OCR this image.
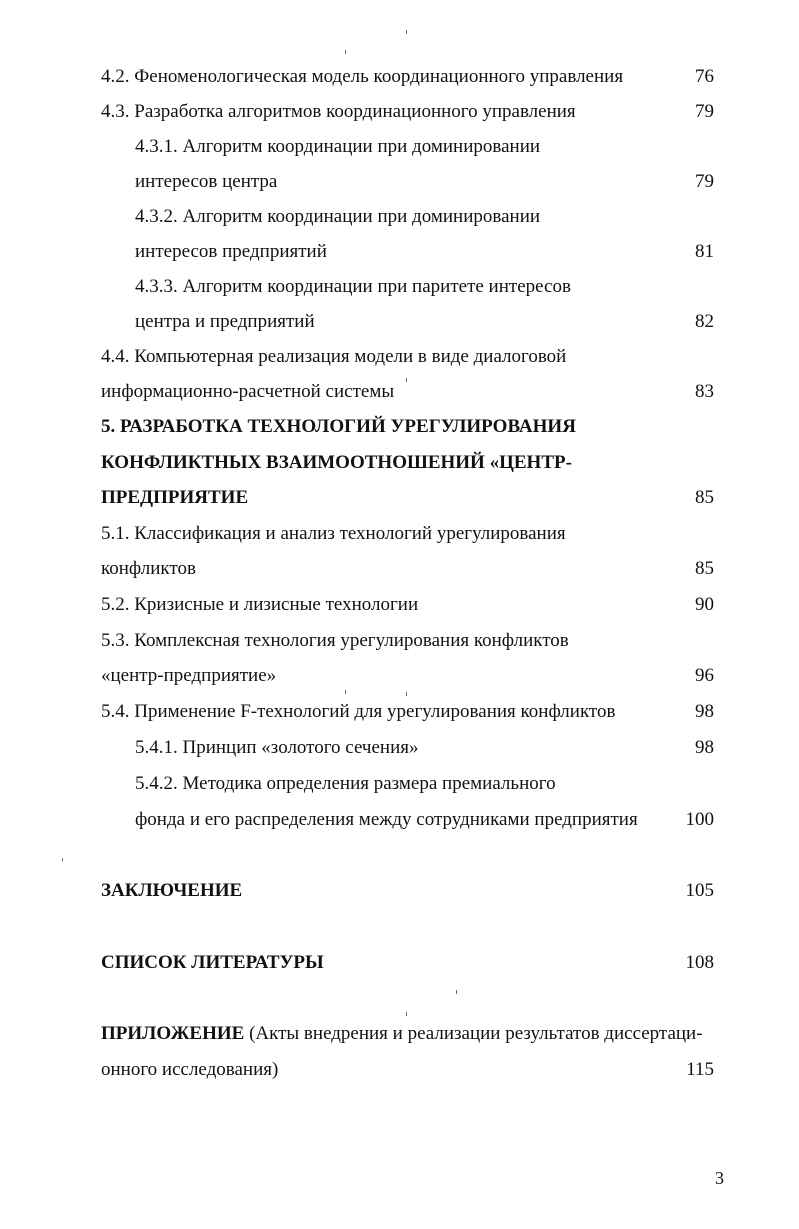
4.2. Феноменологическая модель координационного управления	76
4.3. Разработка алгоритмов координационного управления	79
4.3.1. Алгоритм координации при доминировании
интересов центра	79
4.3.2. Алгоритм координации при доминировании
интересов предприятий	81
4.3.3. Алгоритм координации при паритете интересов
центра и предприятий	82
4.4. Компьютерная реализация модели в виде диалоговой
информационно-расчетной системы	83
5. РАЗРАБОТКА ТЕХНОЛОГИЙ УРЕГУЛИРОВАНИЯ
КОНФЛИКТНЫХ ВЗАИМООТНОШЕНИЙ «ЦЕНТР-
ПРЕДПРИЯТИЕ	85
5.1. Классификация и анализ технологий урегулирования
конфликтов	85
5.2. Кризисные и лизисные технологии	90
5.3. Комплексная технология урегулирования конфликтов
«центр-предприятие»	96
5.4. Применение F-технологий для урегулирования конфликтов	98
5.4.1. Принцип «золотого сечения»	98
5.4.2. Методика определения размера премиального
фонда и его распределения между сотрудниками предприятия	100
ЗАКЛЮЧЕНИЕ	105
СПИСОК ЛИТЕРАТУРЫ	108
ПРИЛОЖЕНИЕ (Акты внедрения и реализации результатов диссертаци-
онного исследования)	115
3
